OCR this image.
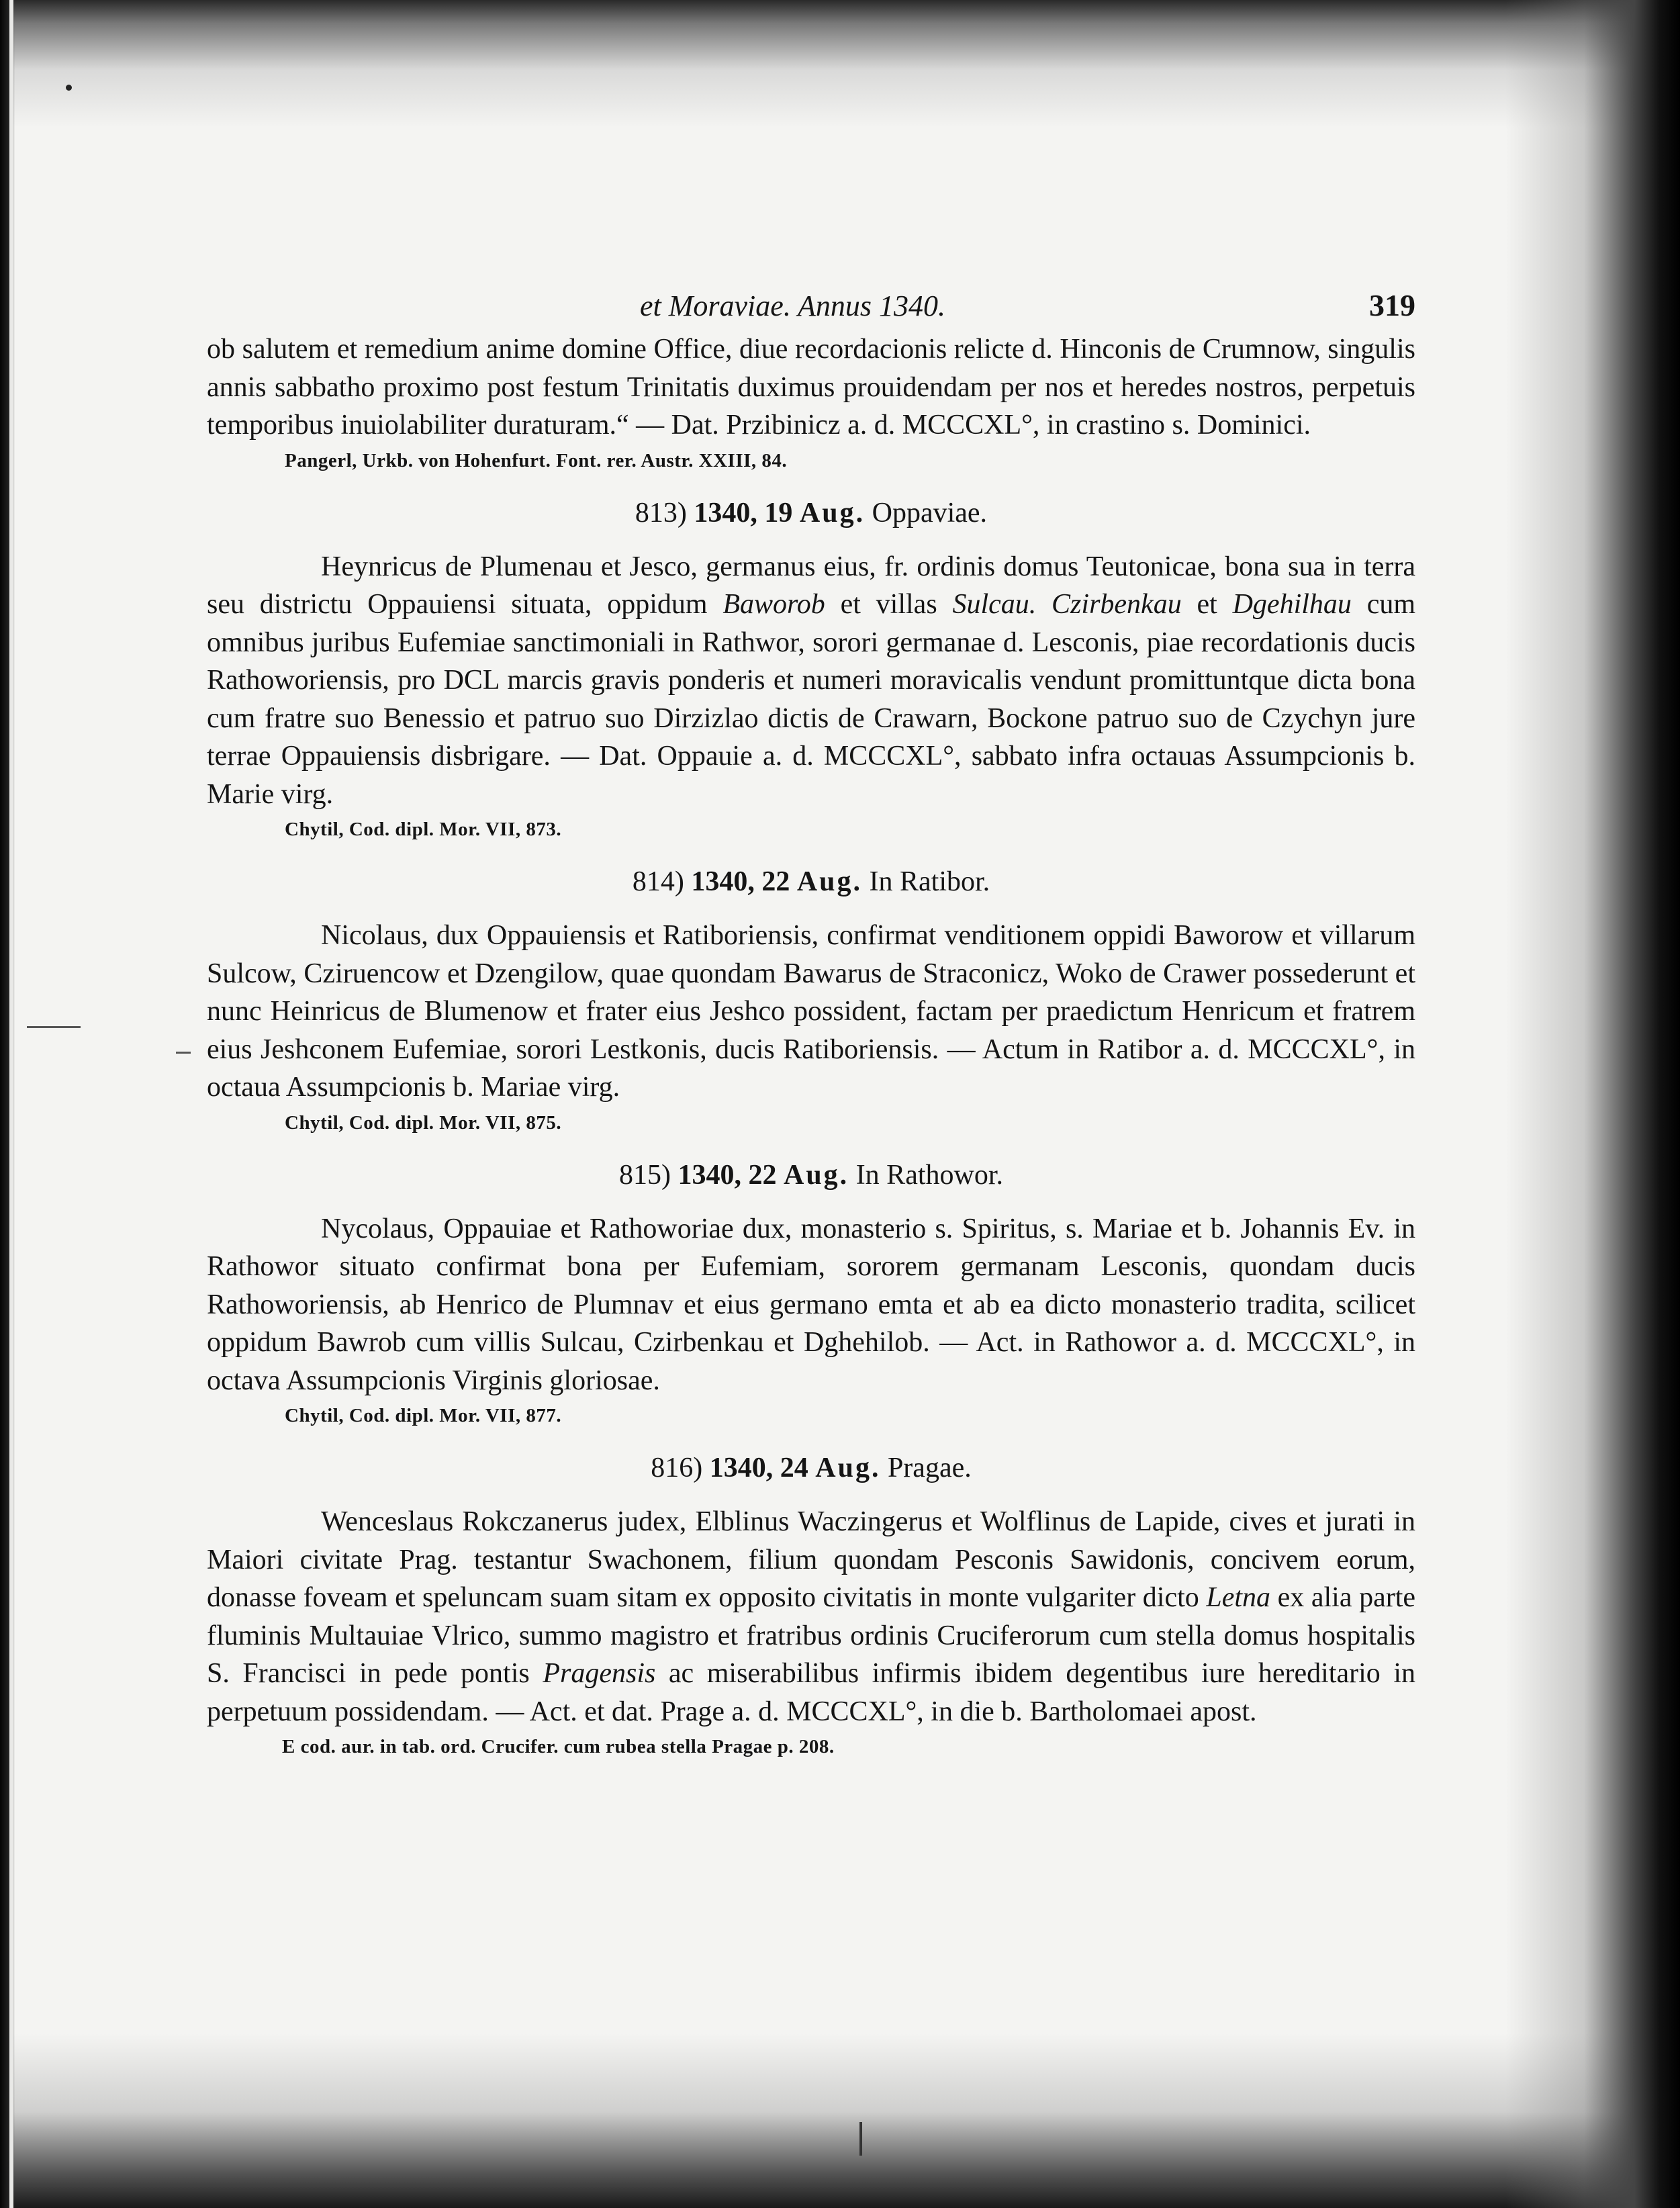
et Moraviae. Annus 1340.	319

ob salutem et remedium anime domine Office, diue recordacionis relicte d. Hinconis de Crumnow, singulis annis sabbatho proximo post festum Trinitatis duximus prouidendam per nos et heredes nostros, perpetuis temporibus inuiolabiliter duraturam.“ — Dat. Przibinicz a. d. MCCCXL°, in crastino s. Dominici.

Pangerl, Urkb. von Hohenfurt. Font. rer. Austr. XXIII, 84.
813) 1340, 19 Aug. Oppaviae.

Heynricus de Plumenau et Jesco, germanus eius, fr. ordinis domus Teutonicae, bona sua in terra seu districtu Oppauiensi situata, oppidum Baworob et villas Sulcau. Czirbenkau et Dgehilhau cum omnibus juribus Eufemiae sanctimoniali in Rathwor, sorori germanae d. Lesconis, piae recordationis ducis Rathoworiensis, pro DCL marcis gravis ponderis et numeri moravicalis vendunt promittuntque dicta bona cum fratre suo Benessio et patruo suo Dirzizlao dictis de Crawarn, Bockone patruo suo de Czychyn jure terrae Oppauiensis disbrigare. — Dat. Oppauie a. d. MCCCXL°, sabbato infra octauas Assumpcionis b. Marie virg.

Chytil, Cod. dipl. Mor. VII, 873.
814) 1340, 22 Aug. In Ratibor.

Nicolaus, dux Oppauiensis et Ratiboriensis, confirmat venditionem oppidi Baworow et villarum Sulcow, Cziruencow et Dzengilow, quae quondam Bawarus de Straconicz, Woko de Crawer possederunt et nunc Heinricus de Blumenow et frater eius Jeshco possident, factam per praedictum Henricum et fratrem eius Jeshconem Eufemiae, sorori Lestkonis, ducis Ratiboriensis. — Actum in Ratibor a. d. MCCCXL°, in octaua Assumpcionis b. Mariae virg.

Chytil, Cod. dipl. Mor. VII, 875.
815) 1340, 22 Aug. In Rathowor.

Nycolaus, Oppauiae et Rathoworiae dux, monasterio s. Spiritus, s. Mariae et b. Johannis Ev. in Rathowor situato confirmat bona per Eufemiam, sororem germanam Lesconis, quondam ducis Rathoworiensis, ab Henrico de Plumnav et eius germano emta et ab ea dicto monasterio tradita, scilicet oppidum Bawrob cum villis Sulcau, Czirbenkau et Dghehilob. — Act. in Rathowor a. d. MCCCXL°, in octava Assumpcionis Virginis gloriosae.

Chytil, Cod. dipl. Mor. VII, 877.
816) 1340, 24 Aug. Pragae.

Wenceslaus Rokczanerus judex, Elblinus Waczingerus et Wolflinus de Lapide, cives et jurati in Maiori civitate Prag. testantur Swachonem, filium quondam Pesconis Sawidonis, concivem eorum, donasse foveam et speluncam suam sitam ex opposito civitatis in monte vulgariter dicto Letna ex alia parte fluminis Multauiae Vlrico, summo magistro et fratribus ordinis Cruciferorum cum stella domus hospitalis S. Francisci in pede pontis Pragensis ac miserabilibus infirmis ibidem degentibus iure hereditario in perpetuum possidendam. — Act. et dat. Prage a. d. MCCCXL°, in die b. Bartholomaei apost.

E cod. aur. in tab. ord. Crucifer. cum rubea stella Pragae p. 208.
